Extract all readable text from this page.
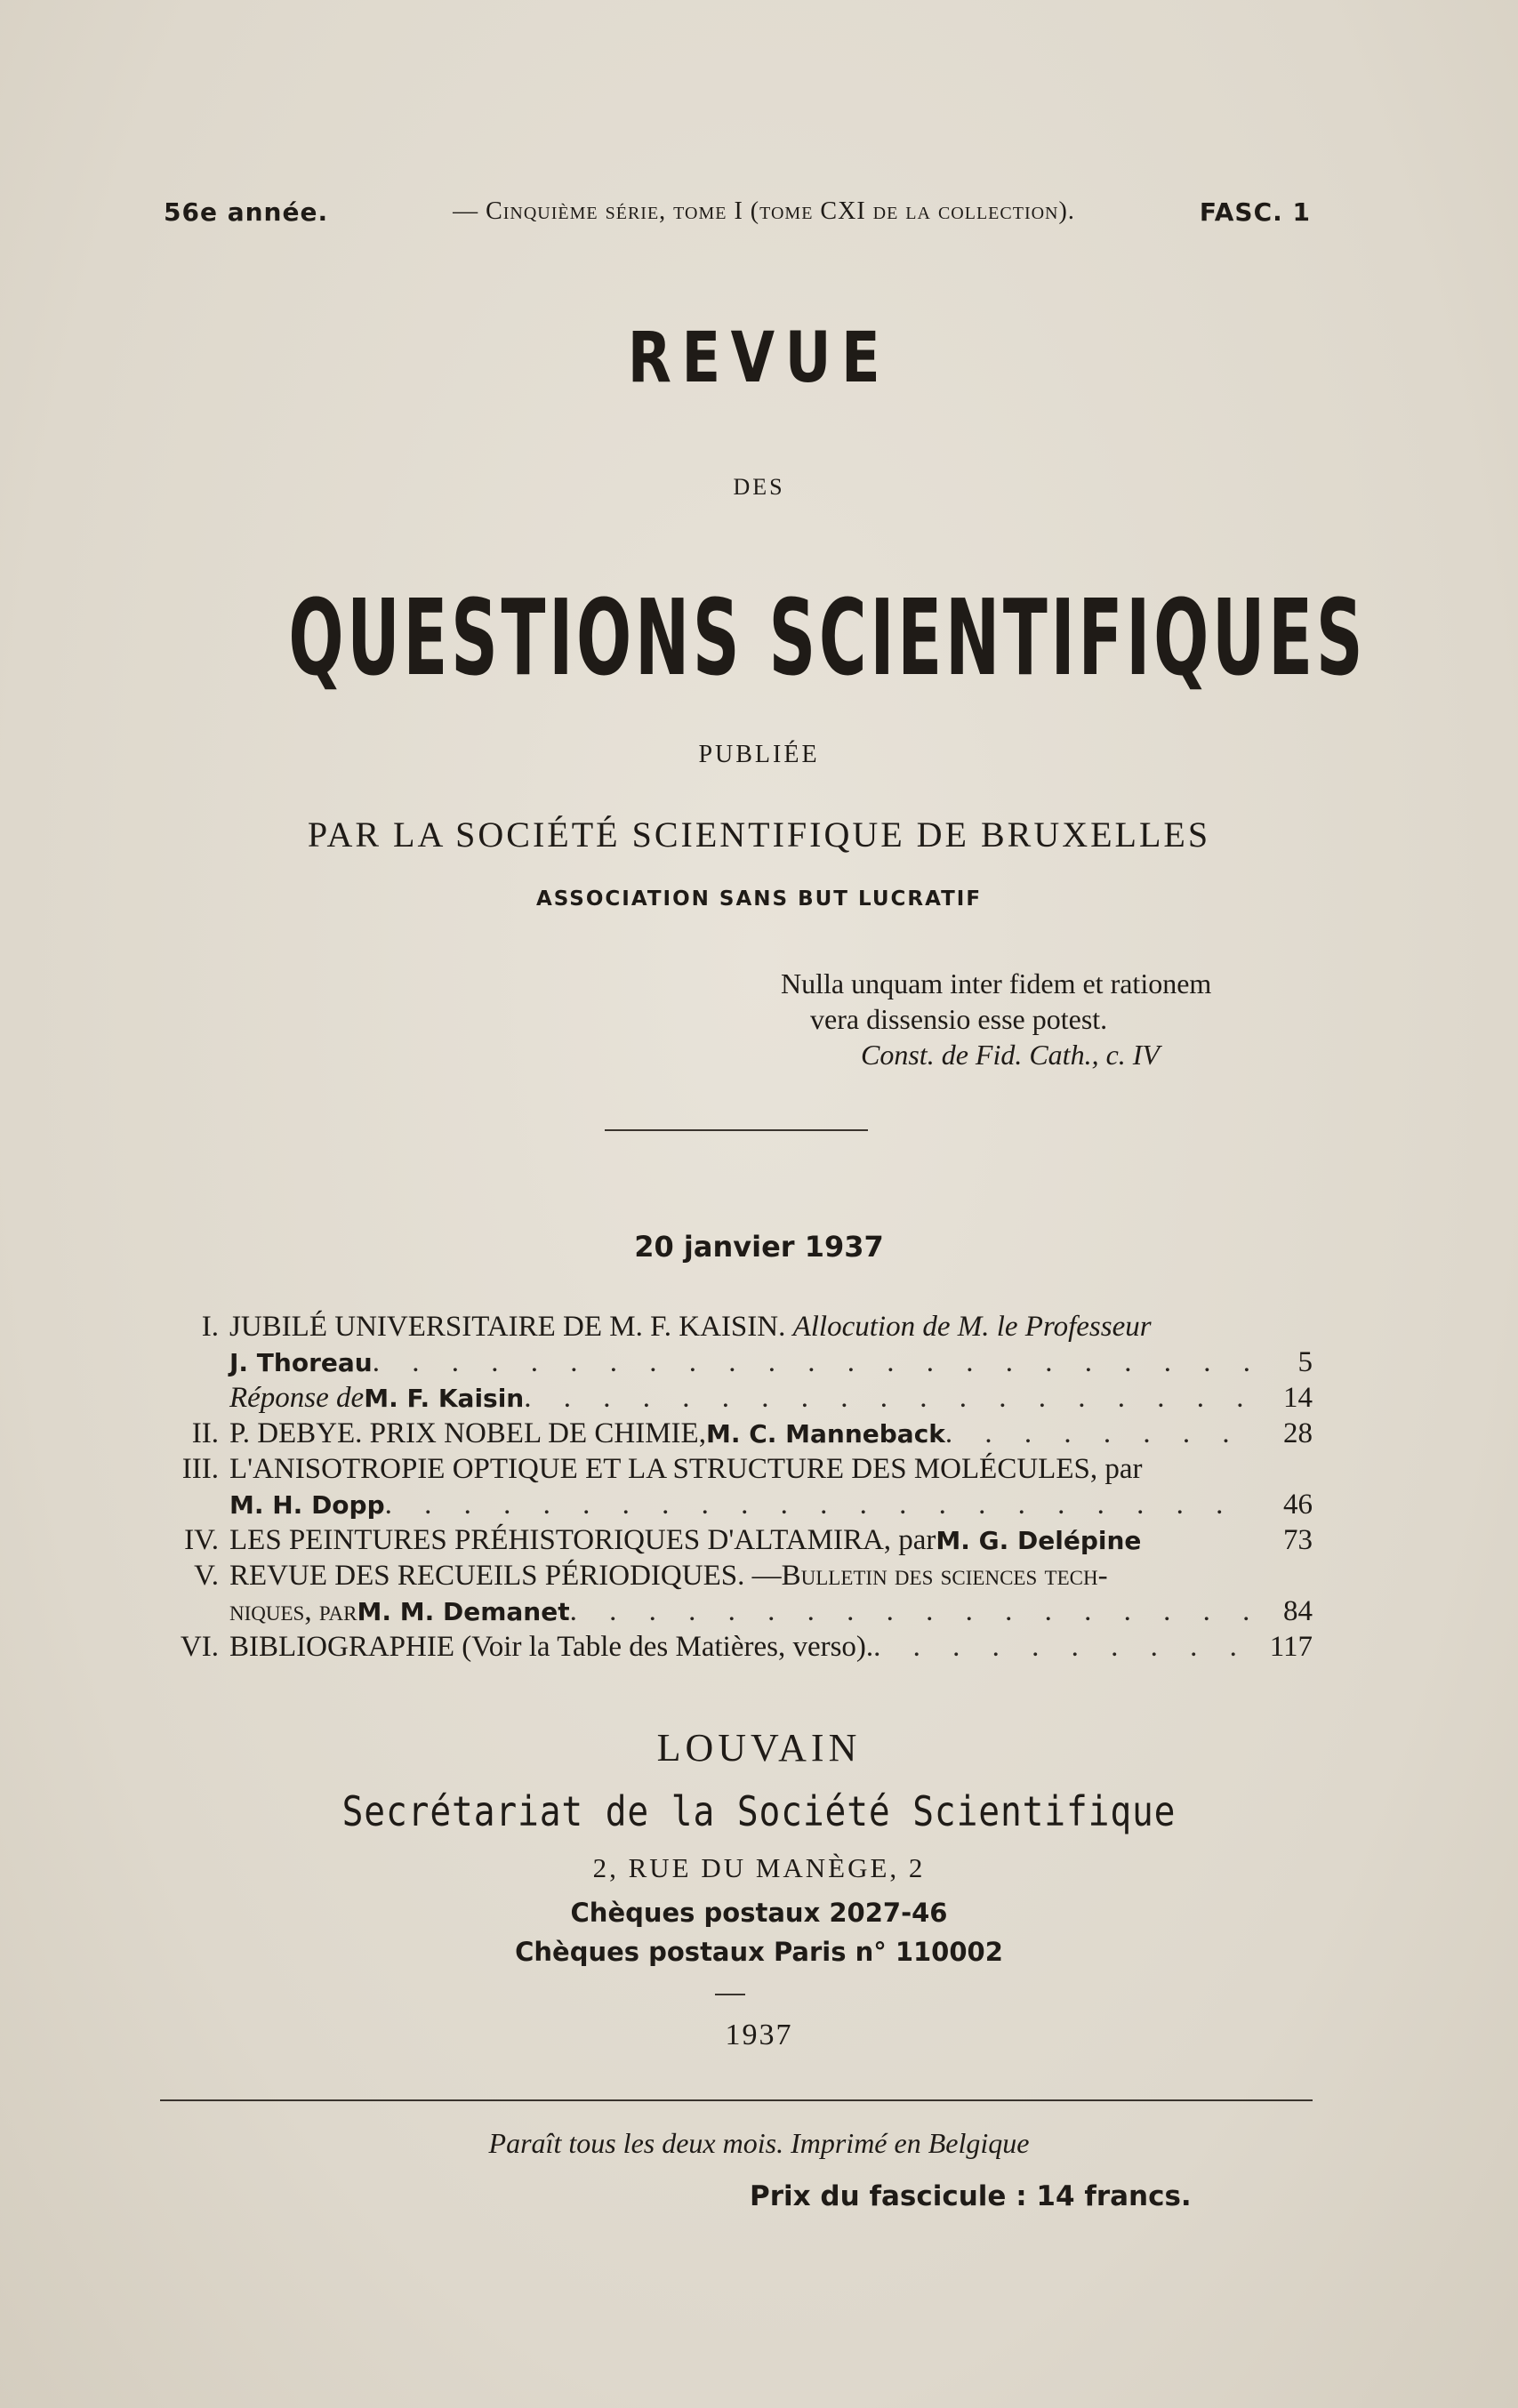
56e année.	— Cinquième série, tome I (tome CXI de la collection).	FASC. 1
REVUE
DES
QUESTIONS SCIENTIFIQUES
PUBLIÉE
PAR LA SOCIÉTÉ SCIENTIFIQUE DE BRUXELLES
ASSOCIATION SANS BUT LUCRATIF
Nulla unquam inter fidem et rationem
vera dissensio esse potest.
Const. de Fid. Cath., c. IV
20 janvier 1937
I. JUBILÉ UNIVERSITAIRE DE M. F. KAISIN. Allocution de M. le Professeur
J. Thoreau . . .	5
Réponse de M. F. Kaisin . . .	14
II. P. DEBYE. PRIX NOBEL DE CHIMIE, M. C. Manneback . . .	28
III. L'ANISOTROPIE OPTIQUE ET LA STRUCTURE DES MOLÉCULES, par
M. H. Dopp . . .	46
IV. LES PEINTURES PRÉHISTORIQUES D'ALTAMIRA, par M. G. Delépine	73
V. REVUE DES RECUEILS PÉRIODIQUES. — Bulletin des sciences tech-
niques, par M. M. Demanet . . .	84
VI. BIBLIOGRAPHIE (Voir la Table des Matières, verso). . . .	117
LOUVAIN
Secrétariat de la Société Scientifique
2, RUE DU MANÈGE, 2
Chèques postaux 2027-46
Chèques postaux Paris n° 110002
1937
Paraît tous les deux mois. Imprimé en Belgique
Prix du fascicule : 14 francs.
